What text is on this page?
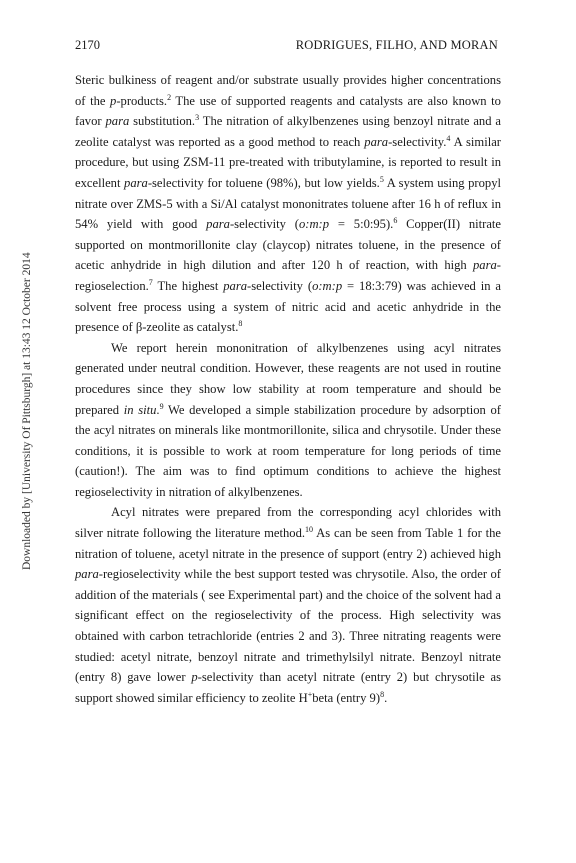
2170	RODRIGUES, FILHO, AND MORAN
Downloaded by [University Of Pittsburgh] at 13:43 12 October 2014

Steric bulkiness of reagent and/or substrate usually provides higher concentrations of the p-products.$^2$ The use of supported reagents and catalysts are also known to favor para substitution.$^3$ The nitration of alkylbenzenes using benzoyl nitrate and a zeolite catalyst was reported as a good method to reach para-selectivity.$^4$ A similar procedure, but using ZSM-11 pre-treated with tributylamine, is reported to result in excellent para-selectivity for toluene (98%), but low yields.$^5$ A system using propyl nitrate over ZMS-5 with a Si/Al catalyst mononitrates toluene after 16 h of reflux in 54% yield with good para-selectivity (o:m:p = 5:0:95).$^6$ Copper(II) nitrate supported on montmorillonite clay (claycop) nitrates toluene, in the presence of acetic anhydride in high dilution and after 120 h of reaction, with high para-regioselection.$^7$ The highest para-selectivity (o:m:p = 18:3:79) was achieved in a solvent free process using a system of nitric acid and acetic anhydride in the presence of β-zeolite as catalyst.$^8$

We report herein mononitration of alkylbenzenes using acyl nitrates generated under neutral condition. However, these reagents are not used in routine procedures since they show low stability at room temperature and should be prepared in situ.$^9$ We developed a simple stabilization procedure by adsorption of the acyl nitrates on minerals like montmorillonite, silica and chrysotile. Under these conditions, it is possible to work at room temperature for long periods of time (caution!). The aim was to find optimum conditions to achieve the highest regioselectivity in nitration of alkylbenzenes.

Acyl nitrates were prepared from the corresponding acyl chlorides with silver nitrate following the literature method.$^{10}$ As can be seen from Table 1 for the nitration of toluene, acetyl nitrate in the presence of support (entry 2) achieved high para-regioselectivity while the best support tested was chrysotile. Also, the order of addition of the materials ( see Experimental part) and the choice of the solvent had a significant effect on the regioselectivity of the process. High selectivity was obtained with carbon tetrachloride (entries 2 and 3). Three nitrating reagents were studied: acetyl nitrate, benzoyl nitrate and trimethylsilyl nitrate. Benzoyl nitrate (entry 8) gave lower p-selectivity than acetyl nitrate (entry 2) but chrysotile as support showed similar efficiency to zeolite H+beta (entry 9)$^8$.
